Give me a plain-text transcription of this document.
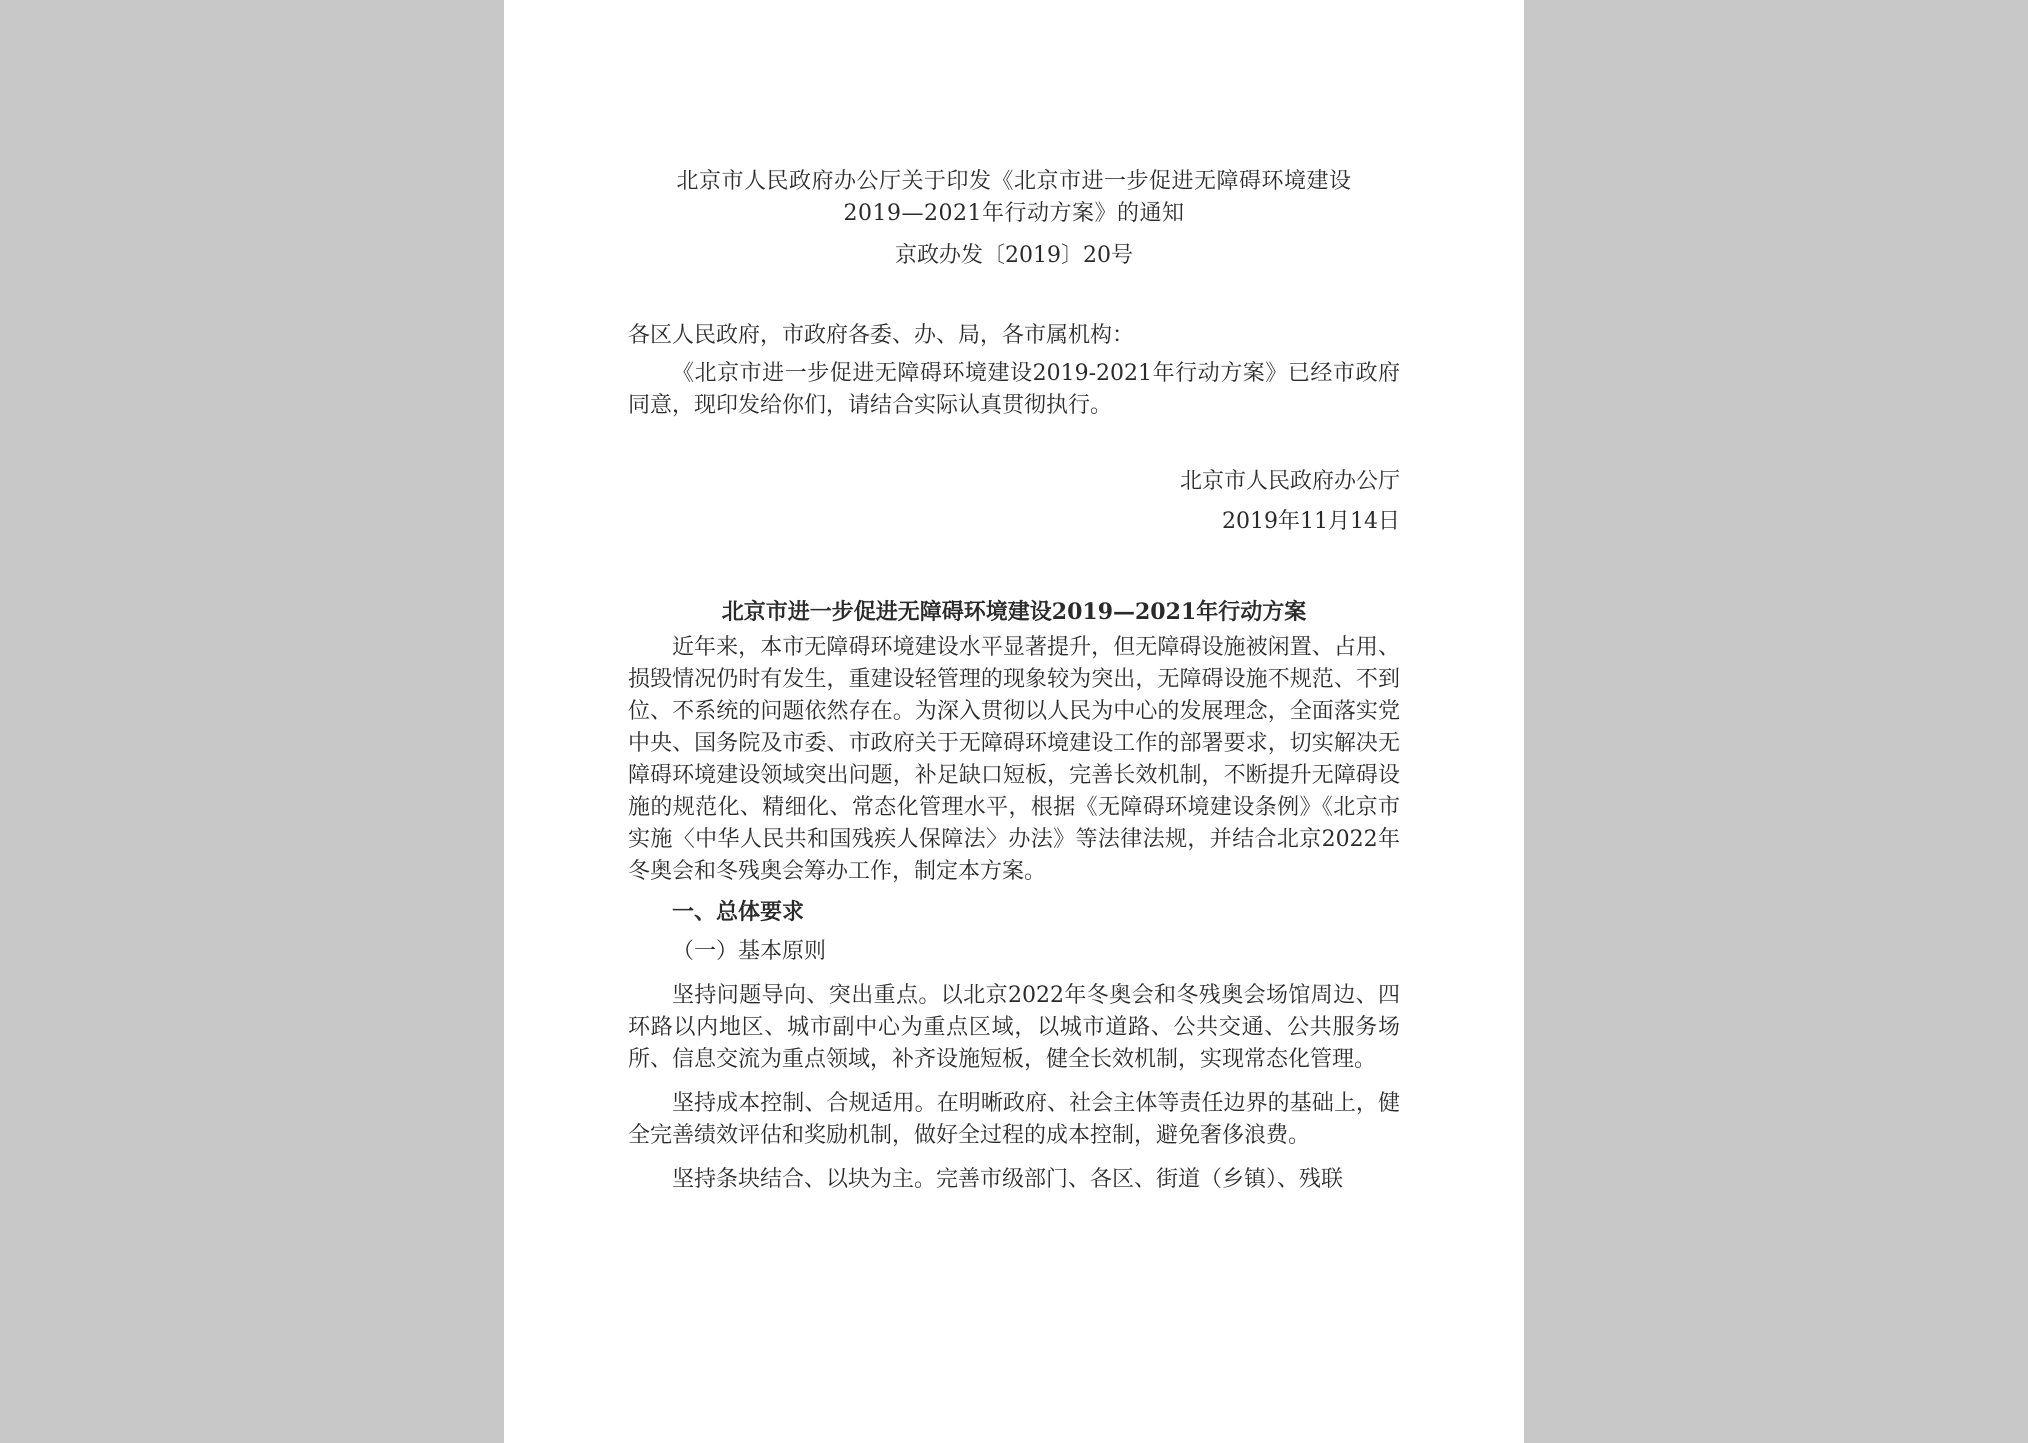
北京市人民政府办公厅关于印发《北京市进一步促进无障碍环境建设
2019—2021年行动方案》的通知
京政办发〔2019〕20号
各区人民政府，市政府各委、办、局，各市属机构：
《北京市进一步促进无障碍环境建设2019-2021年行动方案》已经市政府同意，现印发给你们，请结合实际认真贯彻执行。
北京市人民政府办公厅
2019年11月14日
北京市进一步促进无障碍环境建设2019—2021年行动方案
近年来，本市无障碍环境建设水平显著提升，但无障碍设施被闲置、占用、损毁情况仍时有发生，重建设轻管理的现象较为突出，无障碍设施不规范、不到位、不系统的问题依然存在。为深入贯彻以人民为中心的发展理念，全面落实党中央、国务院及市委、市政府关于无障碍环境建设工作的部署要求，切实解决无障碍环境建设领域突出问题，补足缺口短板，完善长效机制，不断提升无障碍设施的规范化、精细化、常态化管理水平，根据《无障碍环境建设条例》《北京市实施〈中华人民共和国残疾人保障法〉办法》等法律法规，并结合北京2022年冬奥会和冬残奥会筹办工作，制定本方案。
一、总体要求
（一）基本原则
坚持问题导向、突出重点。以北京2022年冬奥会和冬残奥会场馆周边、四环路以内地区、城市副中心为重点区域，以城市道路、公共交通、公共服务场所、信息交流为重点领域，补齐设施短板，健全长效机制，实现常态化管理。
坚持成本控制、合规适用。在明晰政府、社会主体等责任边界的基础上，健全完善绩效评估和奖励机制，做好全过程的成本控制，避免奢侈浪费。
坚持条块结合、以块为主。完善市级部门、各区、街道（乡镇）、残联
